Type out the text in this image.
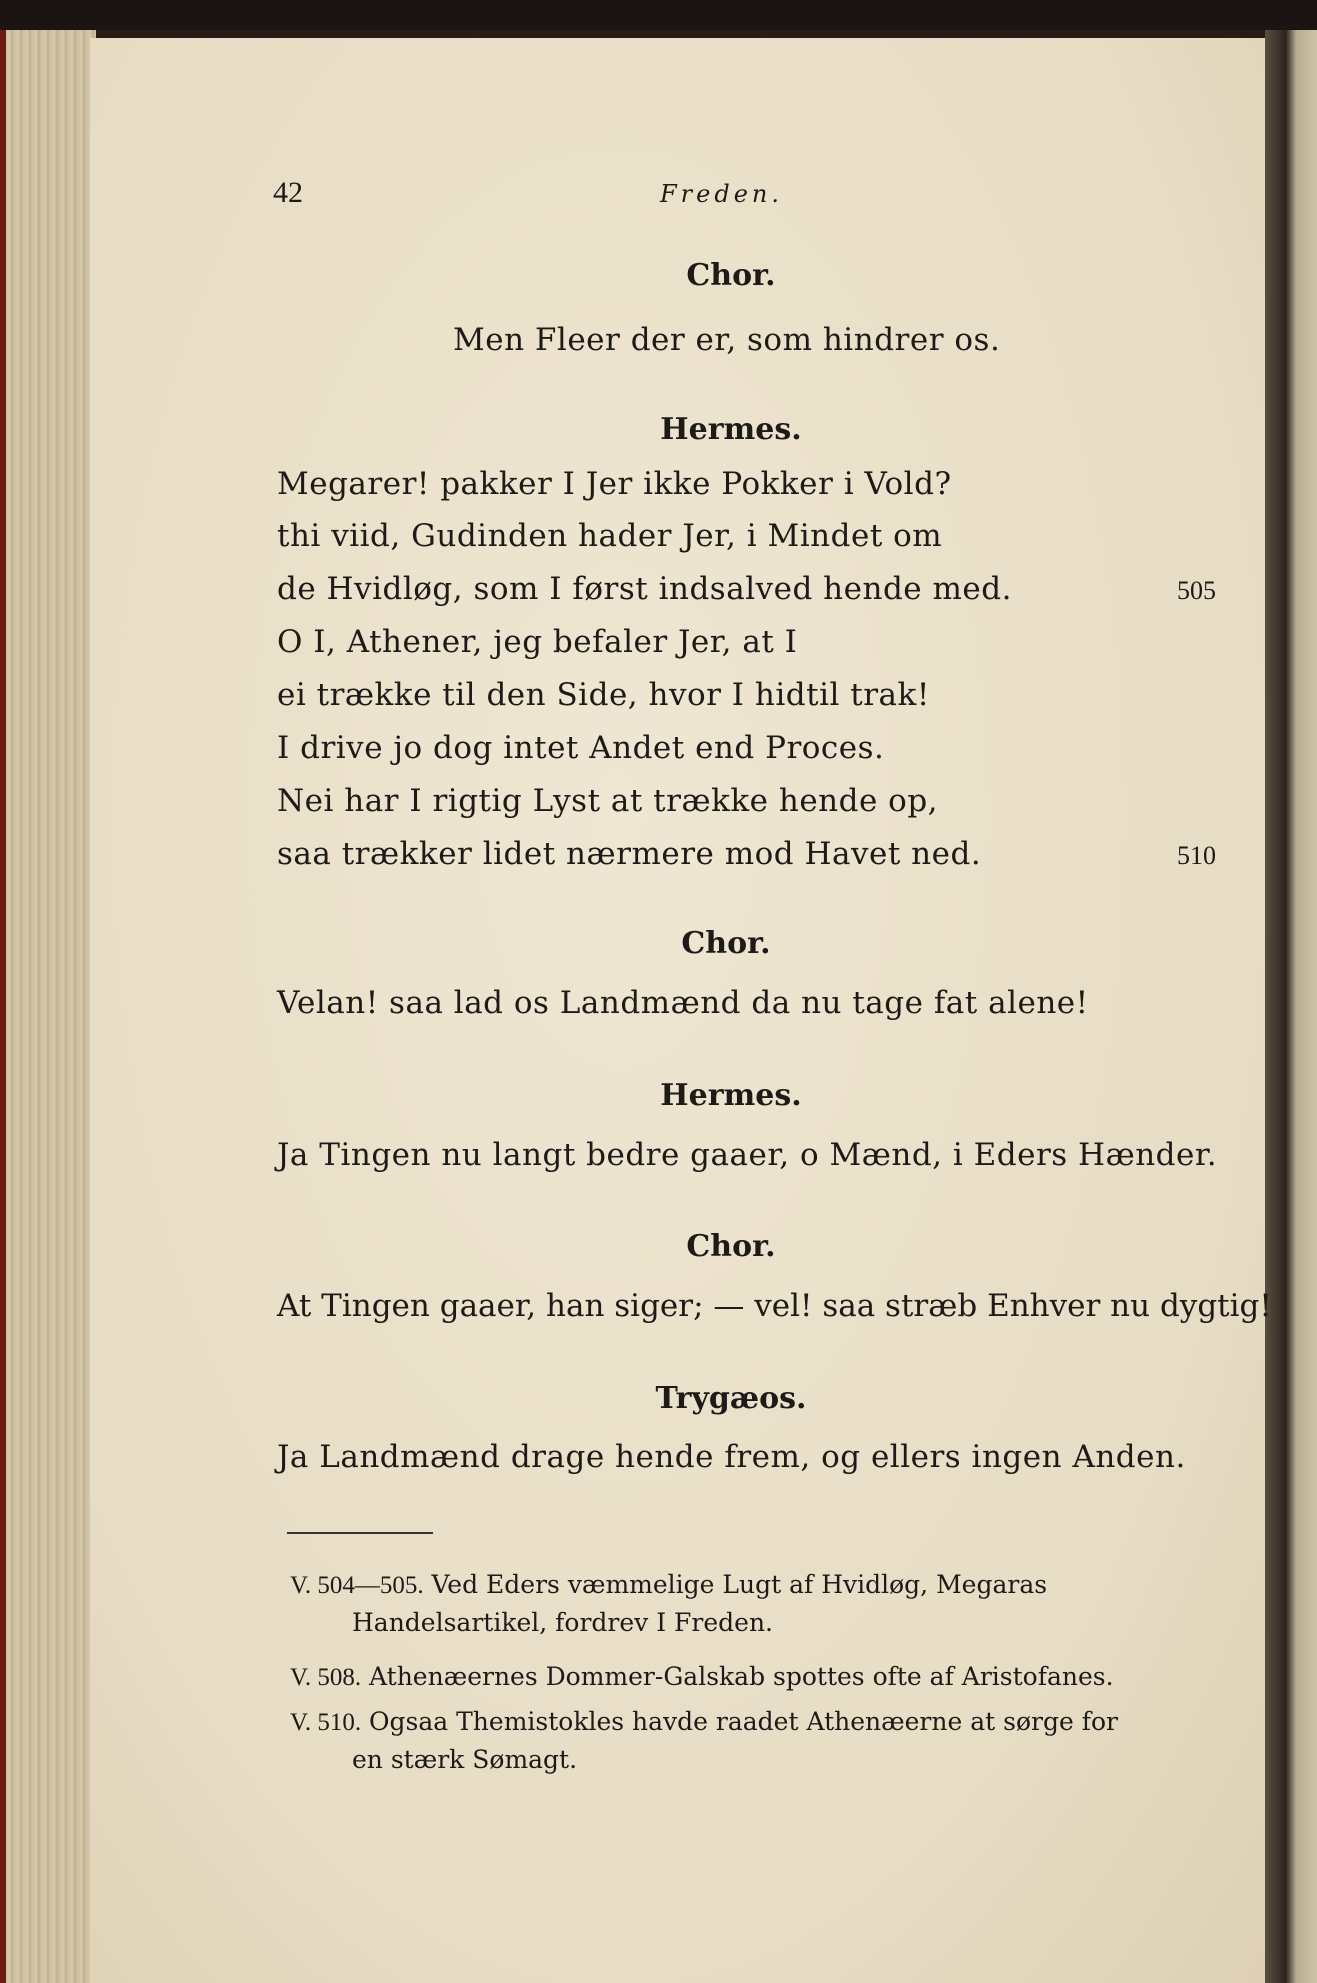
42	Freden.
Chor.
Men Fleer der er, som hindrer os.
Hermes.
Megarer! pakker I Jer ikke Pokker i Vold?
thi viid, Gudinden hader Jer, i Mindet om
de Hvidløg, som I først indsalved hende med.	505
O I, Athener, jeg befaler Jer, at I
ei trække til den Side, hvor I hidtil trak!
I drive jo dog intet Andet end Proces.
Nei har I rigtig Lyst at trække hende op,
saa trækker lidet nærmere mod Havet ned.	510
Chor.
Velan! saa lad os Landmænd da nu tage fat alene!
Hermes.
Ja Tingen nu langt bedre gaaer, o Mænd, i Eders Hænder.
Chor.
At Tingen gaaer, han siger; — vel! saa stræb Enhver nu dygtig!
Trygæos.
Ja Landmænd drage hende frem, og ellers ingen Anden.
V. 504—505. Ved Eders væmmelige Lugt af Hvidløg, Megaras
Handelsartikel, fordrev I Freden.
V. 508. Athenæernes Dommer-Galskab spottes ofte af Aristofanes.
V. 510. Ogsaa Themistokles havde raadet Athenæerne at sørge for
en stærk Sømagt.
